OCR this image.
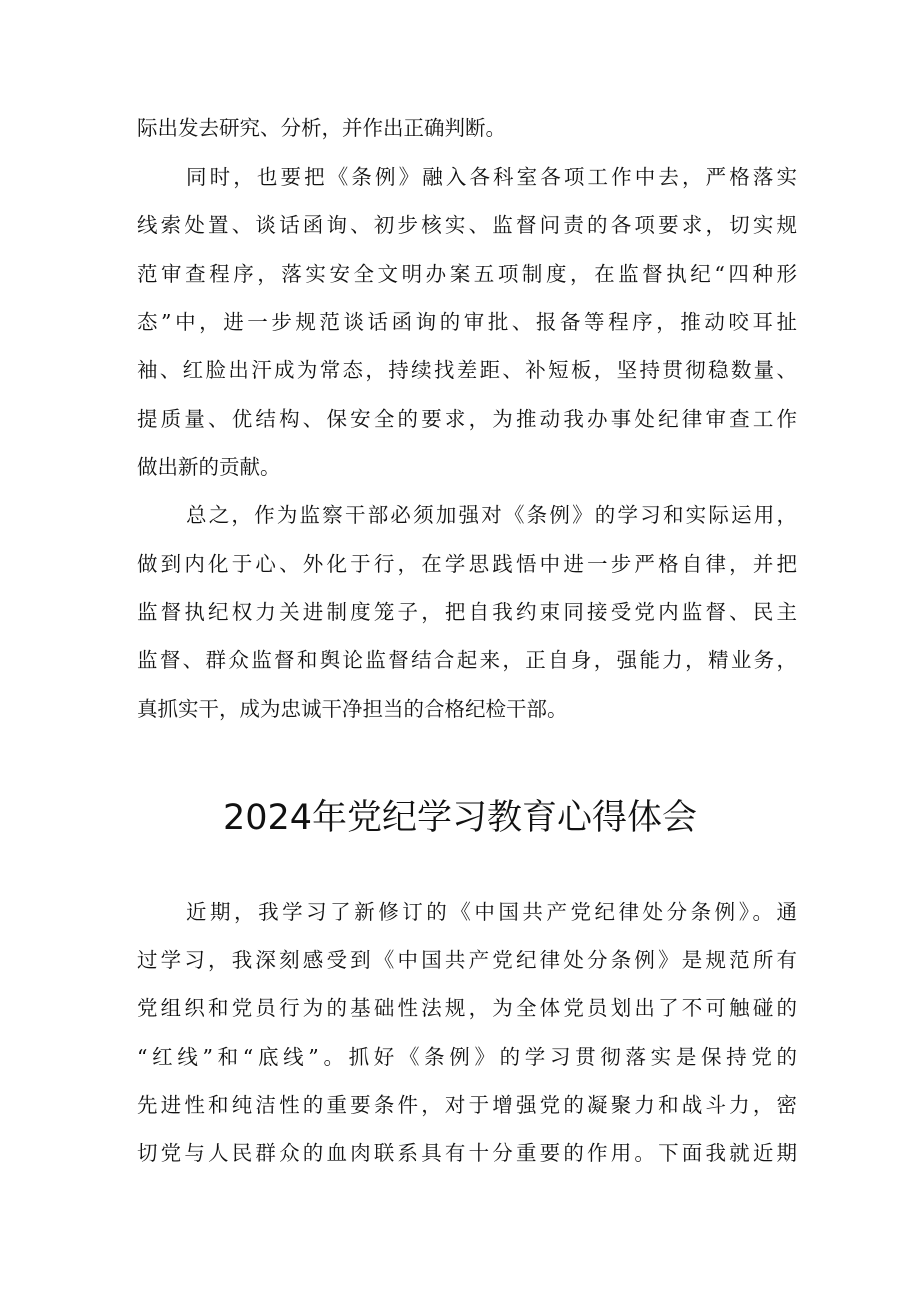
际出发去研究、分析，并作出正确判断。
同时，也要把《条例》融入各科室各项工作中去，严格落实
线索处置、谈话函询、初步核实、监督问责的各项要求，切实规
范审查程序，落实安全文明办案五项制度，在监督执纪“四种形
态”中，进一步规范谈话函询的审批、报备等程序，推动咬耳扯
袖、红脸出汗成为常态，持续找差距、补短板，坚持贯彻稳数量、
提质量、优结构、保安全的要求，为推动我办事处纪律审查工作
做出新的贡献。
总之，作为监察干部必须加强对《条例》的学习和实际运用，
做到内化于心、外化于行，在学思践悟中进一步严格自律，并把
监督执纪权力关进制度笼子，把自我约束同接受党内监督、民主
监督、群众监督和舆论监督结合起来，正自身，强能力，精业务，
真抓实干，成为忠诚干净担当的合格纪检干部。
2024年党纪学习教育心得体会
近期，我学习了新修订的《中国共产党纪律处分条例》。通
过学习，我深刻感受到《中国共产党纪律处分条例》是规范所有
党组织和党员行为的基础性法规，为全体党员划出了不可触碰的
“红线”和“底线”。抓好《条例》的学习贯彻落实是保持党的
先进性和纯洁性的重要条件，对于增强党的凝聚力和战斗力，密
切党与人民群众的血肉联系具有十分重要的作用。下面我就近期
